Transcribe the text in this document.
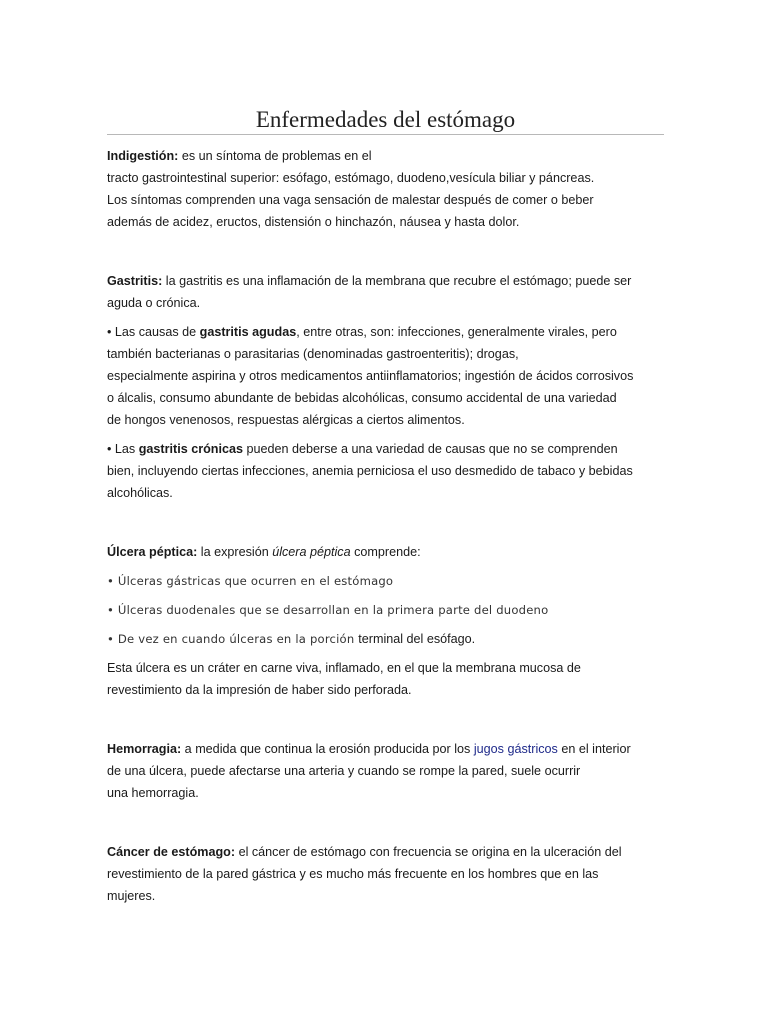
Enfermedades del estómago

Indigestión: es un síntoma de problemas en el
tracto gastrointestinal superior: esófago, estómago, duodeno,vesícula biliar y páncreas.
Los síntomas comprenden una vaga sensación de malestar después de comer o beber
además de acidez, eructos, distensión o hinchazón, náusea y hasta dolor.

Gastritis: la gastritis es una inflamación de la membrana que recubre el estómago; puede ser
aguda o crónica.

• Las causas de gastritis agudas, entre otras, son: infecciones, generalmente virales, pero
también bacterianas o parasitarias (denominadas gastroenteritis); drogas,
especialmente aspirina y otros medicamentos antiinflamatorios; ingestión de ácidos corrosivos
o álcalis, consumo abundante de bebidas alcohólicas, consumo accidental de una variedad
de hongos venenosos, respuestas alérgicas a ciertos alimentos.

• Las gastritis crónicas pueden deberse a una variedad de causas que no se comprenden
bien, incluyendo ciertas infecciones, anemia perniciosa el uso desmedido de tabaco y bebidas
alcohólicas.

Úlcera péptica: la expresión úlcera péptica comprende:

• Úlceras gástricas que ocurren en el estómago

• Úlceras duodenales que se desarrollan en la primera parte del duodeno

• De vez en cuando úlceras en la porción terminal del esófago.

Esta úlcera es un cráter en carne viva, inflamado, en el que la membrana mucosa de
revestimiento da la impresión de haber sido perforada.

Hemorragia: a medida que continua la erosión producida por los jugos gástricos en el interior
de una úlcera, puede afectarse una arteria y cuando se rompe la pared, suele ocurrir
una hemorragia.

Cáncer de estómago: el cáncer de estómago con frecuencia se origina en la ulceración del
revestimiento de la pared gástrica y es mucho más frecuente en los hombres que en las
mujeres.
